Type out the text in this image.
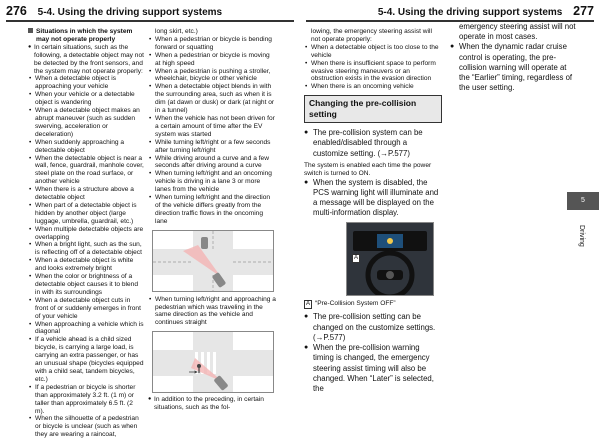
276 5-4. Using the driving support systems

Situations in which the system may not operate properly

● In certain situations, such as the following, a detectable object may not be detected by the front sensors, and the system may not operate properly:

• When a detectable object is approaching your vehicle

• When your vehicle or a detectable object is wandering

• When a detectable object makes an abrupt maneuver (such as sudden swerving, acceleration or deceleration)

• When suddenly approaching a detectable object

• When the detectable object is near a wall, fence, guardrail, manhole cover, steel plate on the road surface, or another vehicle

• When there is a structure above a detectable object

• When part of a detectable object is hidden by another object (large luggage, umbrella, guardrail, etc.)

• When multiple detectable objects are overlapping

• When a bright light, such as the sun, is reflecting off of a detectable object

• When a detectable object is white and looks extremely bright

• When the color or brightness of a detectable object causes it to blend in with its surroundings

• When a detectable object cuts in front of or suddenly emerges in front of your vehicle

• When approaching a vehicle which is diagonal

• If a vehicle ahead is a child sized bicycle, is carrying a large load, is carrying an extra passenger, or has an unusual shape (bicycles equipped with a child seat, tandem bicycles, etc.)

• If a pedestrian or bicycle is shorter than approximately 3.2 ft. (1 m) or taller than approximately 6.5 ft. (2 m).

• When the silhouette of a pedestrian or bicycle is unclear (such as when they are wearing a raincoat,

long skirt, etc.)

• When a pedestrian or bicycle is bending forward or squatting

• When a pedestrian or bicycle is moving at high speed

• When a pedestrian is pushing a stroller, wheelchair, bicycle or other vehicle

• When a detectable object blends in with the surrounding area, such as when it is dim (at dawn or dusk) or dark (at night or in a tunnel)

• When the vehicle has not been driven for a certain amount of time after the EV system was started

• While turning left/right or a few seconds after turning left/right

• While driving around a curve and a few seconds after driving around a curve

• When turning left/right and an oncoming vehicle is driving in a lane 3 or more lanes from the vehicle

• When turning left/right and the direction of the vehicle differs greatly from the direction traffic flows in the oncoming lane

• When turning left/right and approaching a pedestrian which was traveling in the same direction as the vehicle and continues straight

● In addition to the preceding, in certain situations, such as the fol-

5-4. Using the driving support systems 277

lowing, the emergency steering assist will not operate properly:

• When a detectable object is too close to the vehicle

• When there is insufficient space to perform evasive steering maneuvers or an obstruction exists in the evasion direction

• When there is an oncoming vehicle

Changing the pre-collision setting

● The pre-collision system can be enabled/disabled through a customize setting. (→P.577)

The system is enabled each time the power switch is turned to ON.

● When the system is disabled, the PCS warning light will illuminate and a message will be displayed on the multi-information display.

A

A “Pre-Collision System OFF”

● The pre-collision setting can be changed on the customize settings. (→P.577)

● When the pre-collision warning timing is changed, the emergency steering assist timing will also be changed. When “Later” is selected, the

emergency steering assist will not operate in most cases.

● When the dynamic radar cruise control is operating, the pre-collision warning will operate at the “Earlier” timing, regardless of the user setting.

5
Driving
